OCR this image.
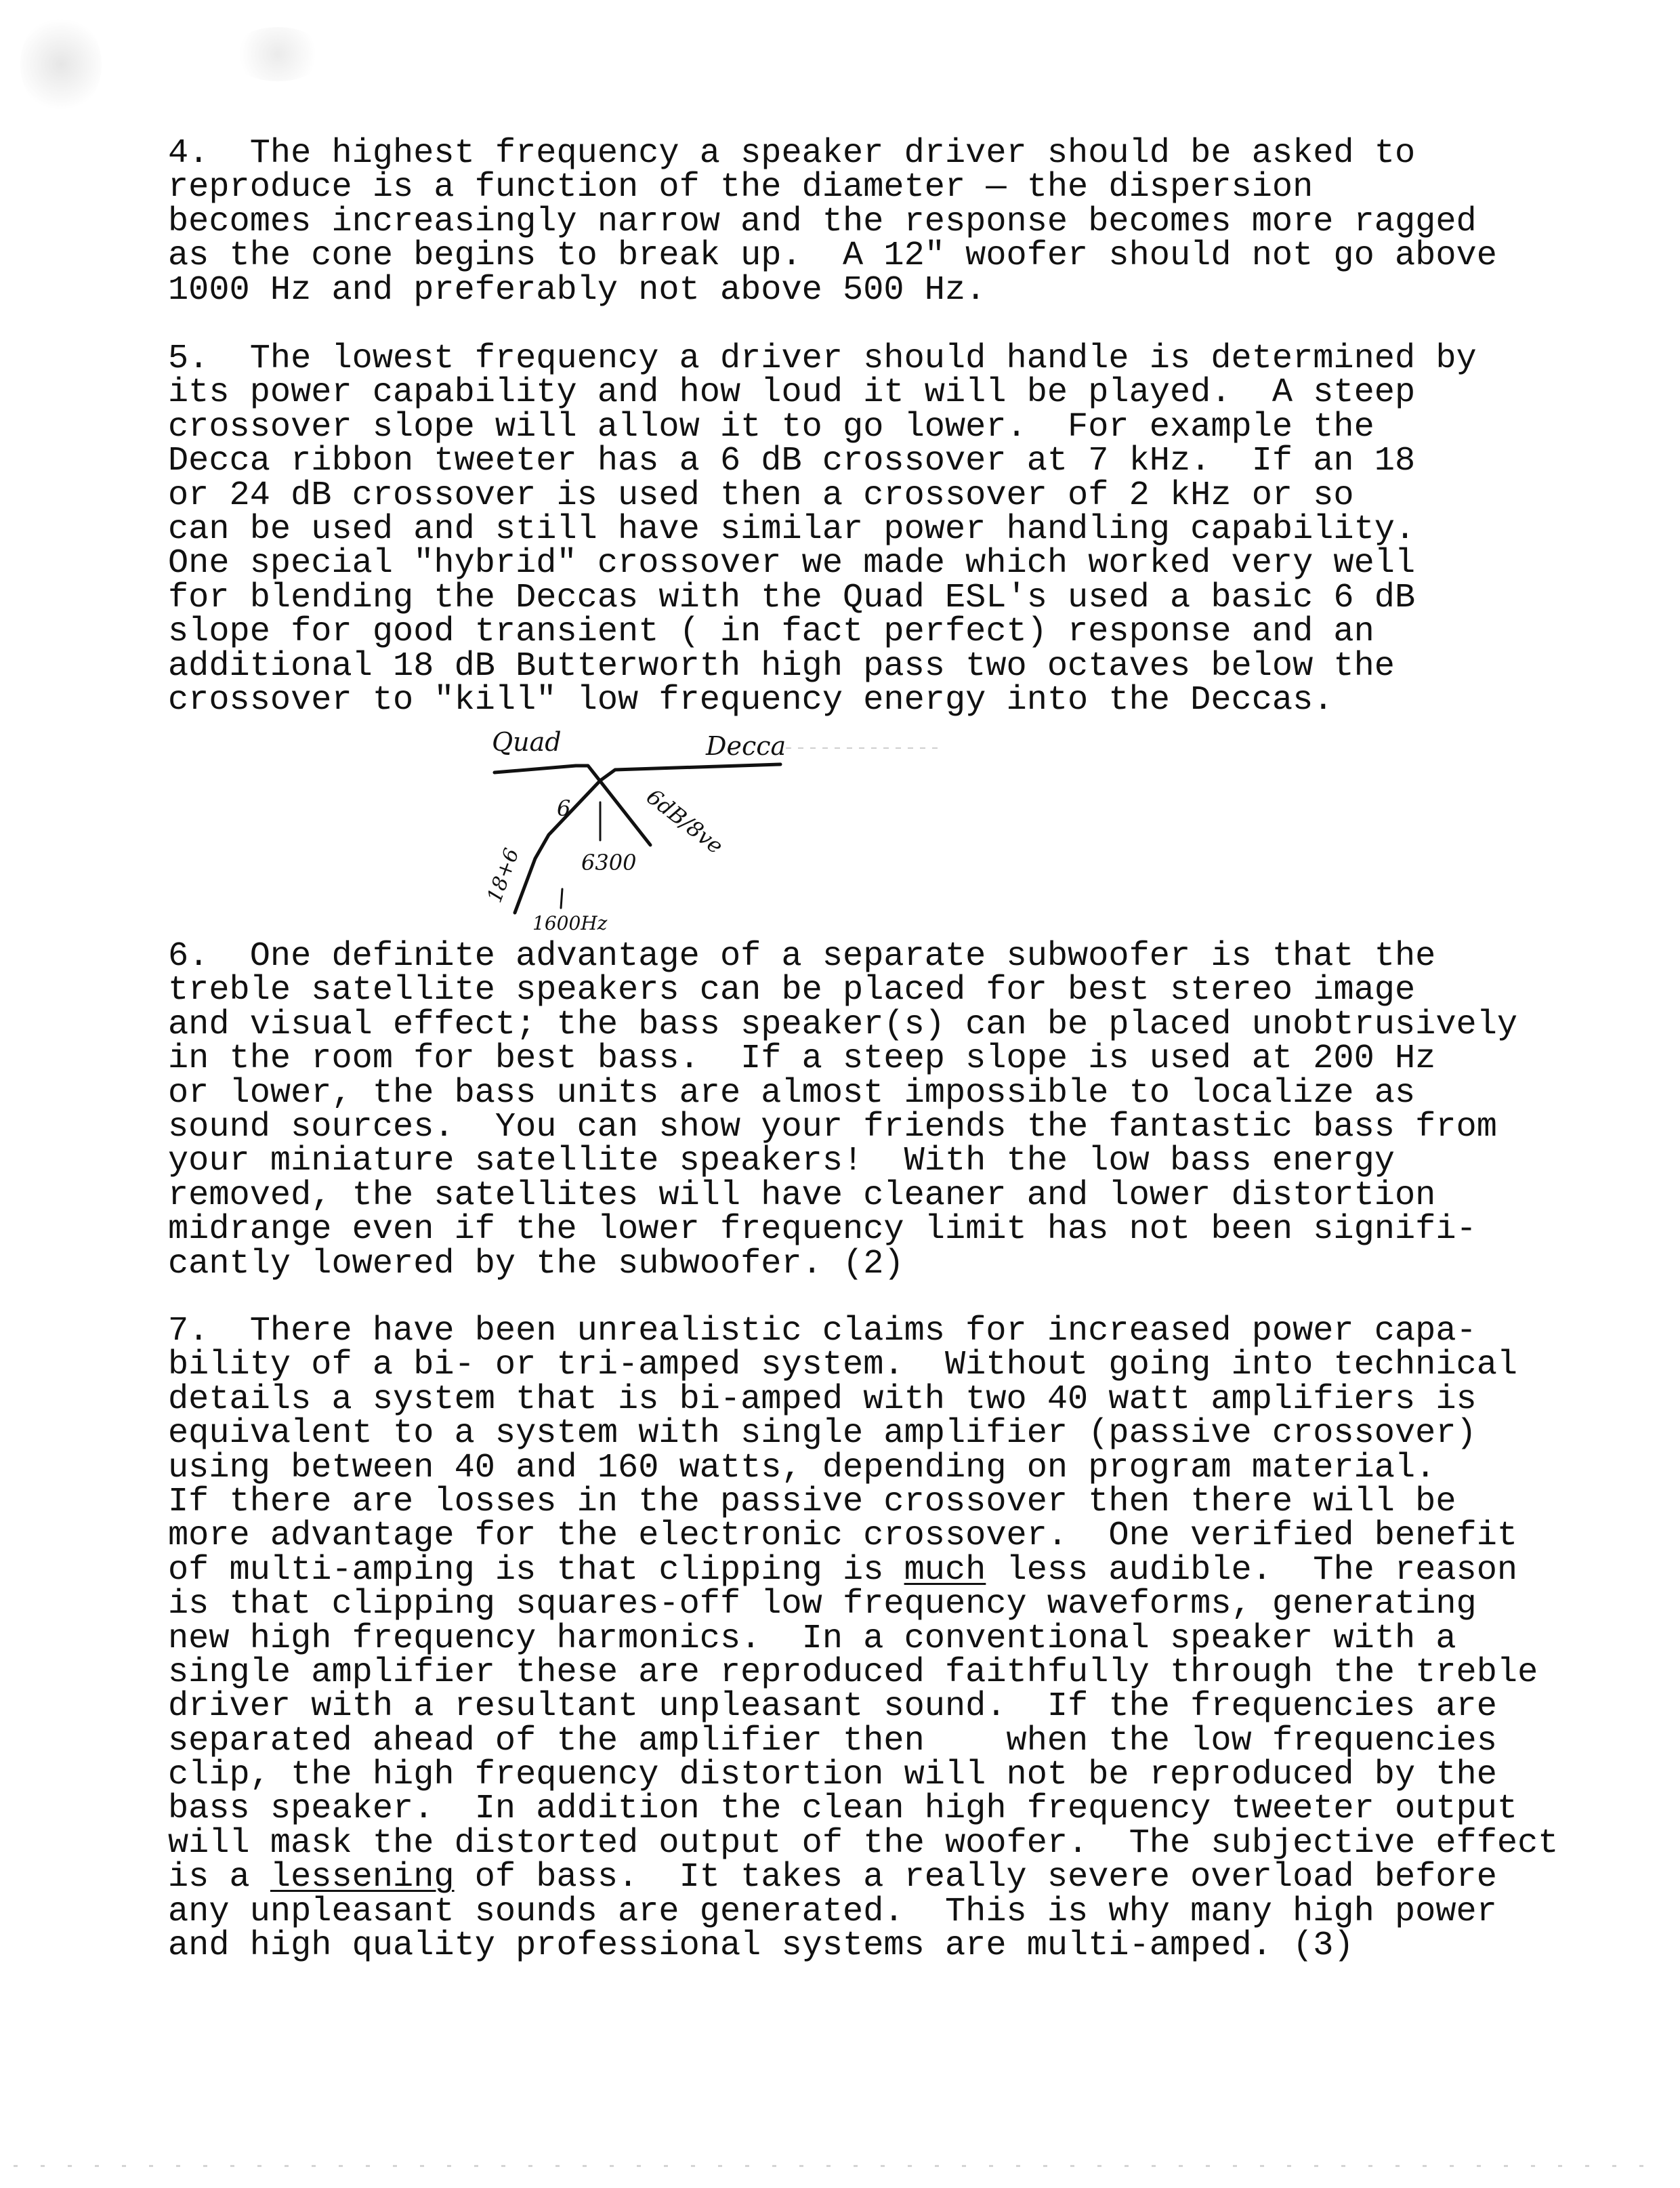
4.  The highest frequency a speaker driver should be asked to
reproduce is a function of the diameter — the dispersion
becomes increasingly narrow and the response becomes more ragged
as the cone begins to break up.  A 12" woofer should not go above
1000 Hz and preferably not above 500 Hz.
5.  The lowest frequency a driver should handle is determined by
its power capability and how loud it will be played.  A steep
crossover slope will allow it to go lower.  For example the
Decca ribbon tweeter has a 6 dB crossover at 7 kHz.  If an 18
or 24 dB crossover is used then a crossover of 2 kHz or so
can be used and still have similar power handling capability.
One special "hybrid" crossover we made which worked very well
for blending the Deccas with the Quad ESL's used a basic 6 dB
slope for good transient ( in fact perfect) response and an
additional 18 dB Butterworth high pass two octaves below the
crossover to "kill" low frequency energy into the Deccas.
Quad	Decca
6
18+6
6dB/8ve
6300
1600Hz
6.  One definite advantage of a separate subwoofer is that the
treble satellite speakers can be placed for best stereo image
and visual effect; the bass speaker(s) can be placed unobtrusively
in the room for best bass.  If a steep slope is used at 200 Hz
or lower, the bass units are almost impossible to localize as
sound sources.  You can show your friends the fantastic bass from
your miniature satellite speakers!  With the low bass energy
removed, the satellites will have cleaner and lower distortion
midrange even if the lower frequency limit has not been signifi-
cantly lowered by the subwoofer. (2)
7.  There have been unrealistic claims for increased power capa-
bility of a bi- or tri-amped system.  Without going into technical
details a system that is bi-amped with two 40 watt amplifiers is
equivalent to a system with single amplifier (passive crossover)
using between 40 and 160 watts, depending on program material.
If there are losses in the passive crossover then there will be
more advantage for the electronic crossover.  One verified benefit
of multi-amping is that clipping is much less audible.  The reason
is that clipping squares-off low frequency waveforms, generating
new high frequency harmonics.  In a conventional speaker with a
single amplifier these are reproduced faithfully through the treble
driver with a resultant unpleasant sound.  If the frequencies are
separated ahead of the amplifier then    when the low frequencies
clip, the high frequency distortion will not be reproduced by the
bass speaker.  In addition the clean high frequency tweeter output
will mask the distorted output of the woofer.  The subjective effect
is a lessening of bass.  It takes a really severe overload before
any unpleasant sounds are generated.  This is why many high power
and high quality professional systems are multi-amped. (3)
